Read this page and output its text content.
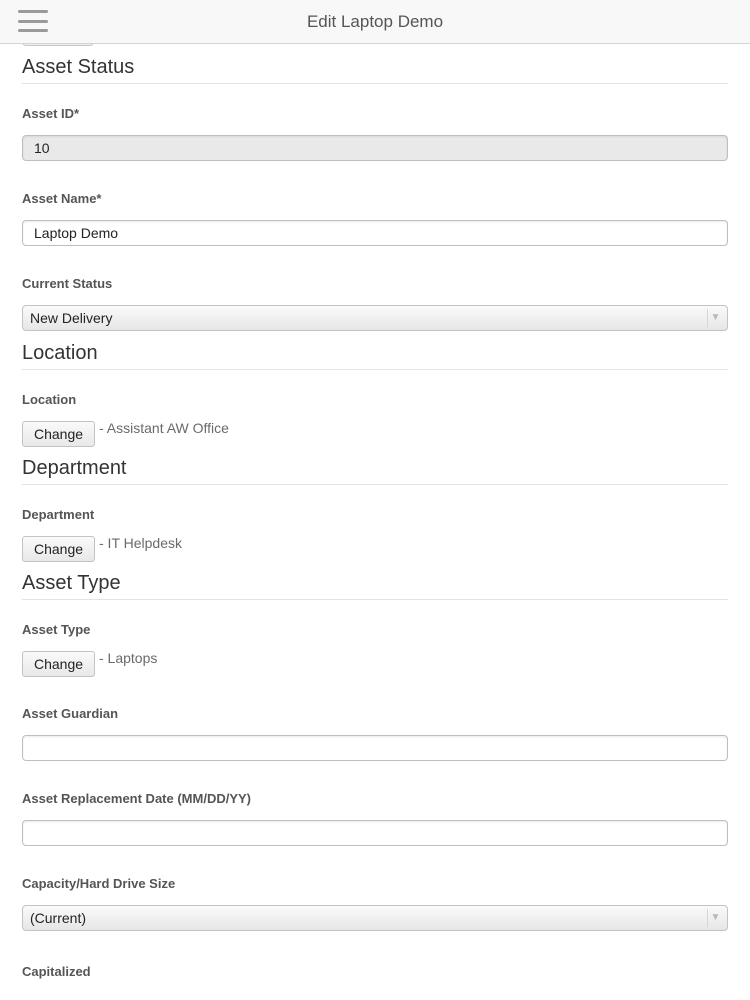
Edit Laptop Demo
Asset Status
Asset ID*
10
Asset Name*
Laptop Demo
Current Status
New Delivery	▼
Location
Location
Change	- Assistant AW Office
Department
Department
Change	- IT Helpdesk
Asset Type
Asset Type
Change	- Laptops
Asset Guardian
Asset Replacement Date (MM/DD/YY)
Capacity/Hard Drive Size
(Current)	▼
Capitalized
